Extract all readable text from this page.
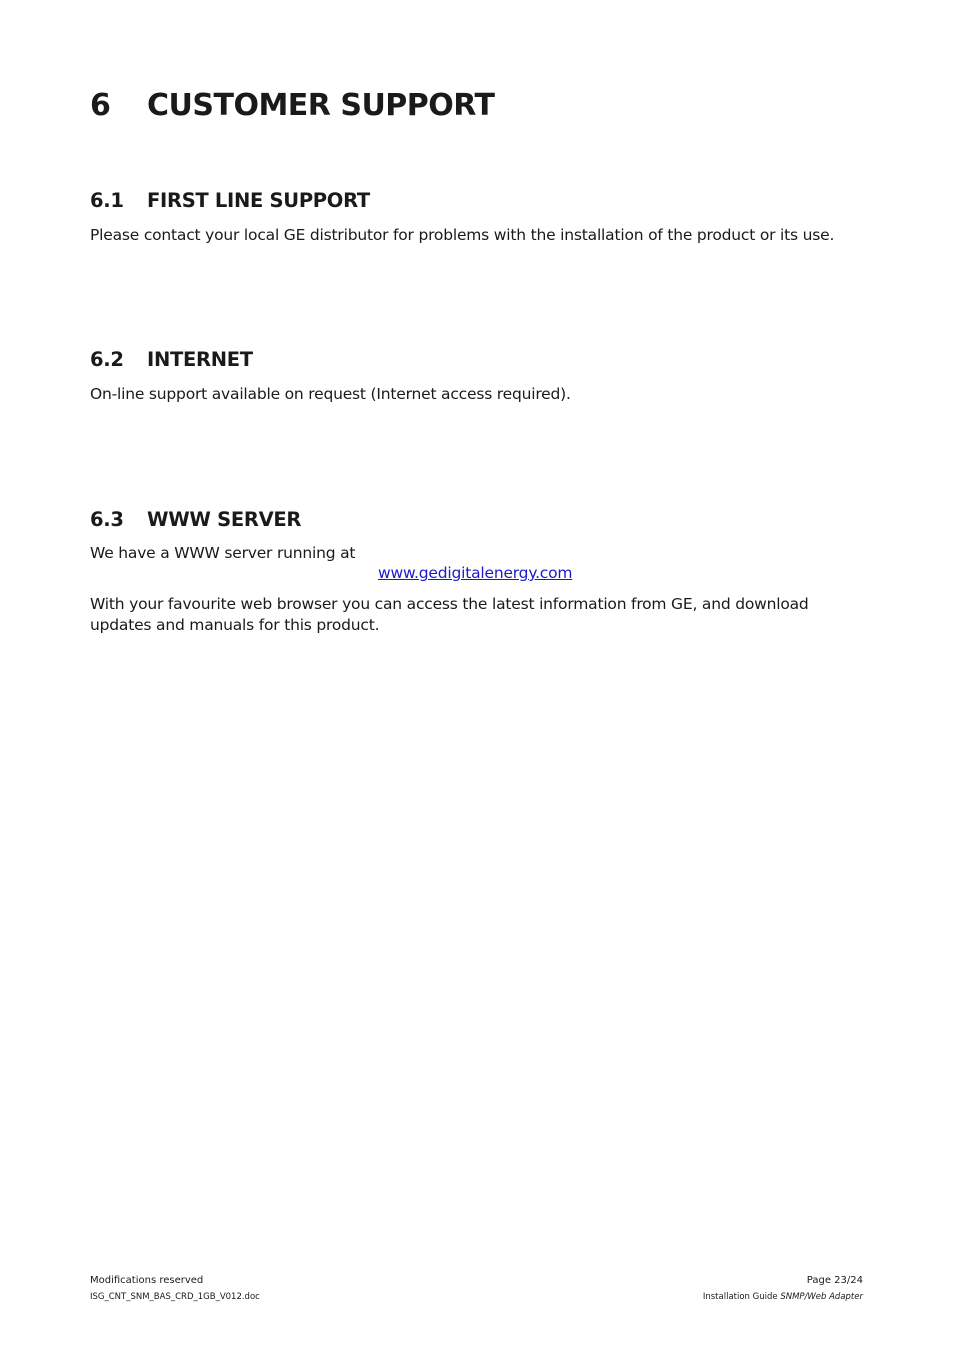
6 CUSTOMER SUPPORT
6.1 FIRST LINE SUPPORT
Please contact your local GE distributor for problems with the installation of the product or its use.
6.2 INTERNET
On-line support available on request (Internet access required).
6.3 WWW SERVER
We have a WWW server running at
www.gedigitalenergy.com
With your favourite web browser you can access the latest information from GE, and download updates and manuals for this product.
Modifications reserved
ISG_CNT_SNM_BAS_CRD_1GB_V012.doc
Page 23/24
Installation Guide SNMP/Web Adapter
